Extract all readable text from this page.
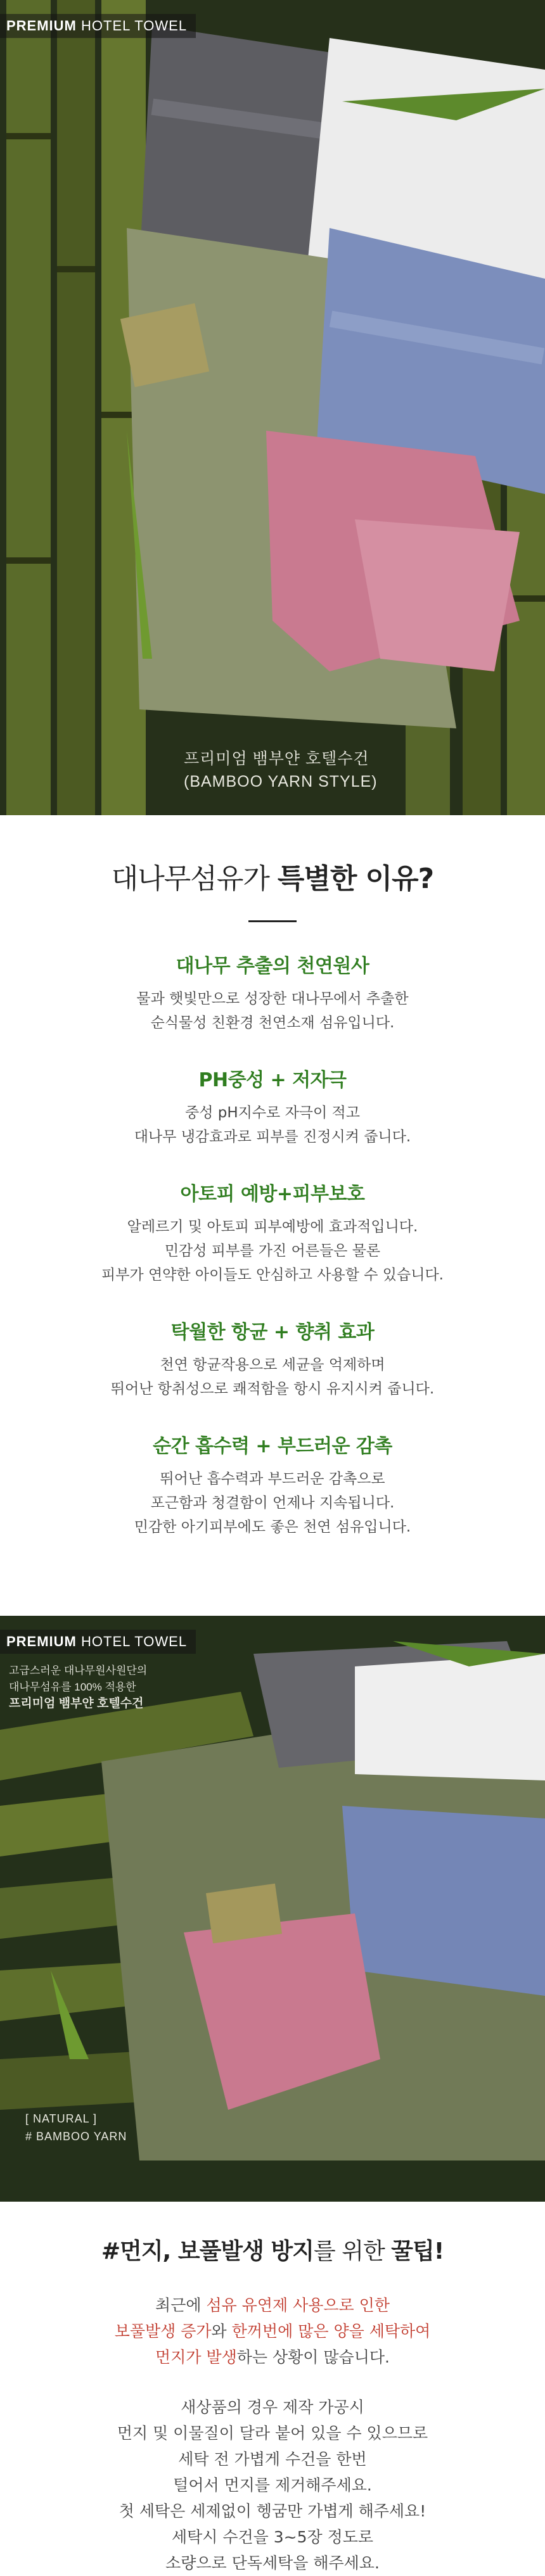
PREMIUM HOTEL TOWEL
프리미엄 뱀부얀 호텔수건
(BAMBOO YARN STYLE)
대나무섬유가 특별한 이유?
대나무 추출의 천연원사

물과 햇빛만으로 성장한 대나무에서 추출한

순식물성 친환경 천연소재 섬유입니다.

PH중성 + 저자극

중성 pH지수로 자극이 적고

대나무 냉감효과로 피부를 진정시켜 줍니다.

아토피 예방+피부보호

알레르기 및 아토피 피부예방에 효과적입니다.

민감성 피부를 가진 어른들은 물론

피부가 연약한 아이들도 안심하고 사용할 수 있습니다.

탁월한 항균 + 향취 효과

천연 항균작용으로 세균을 억제하며

뛰어난 항취성으로 쾌적함을 항시 유지시켜 줍니다.

순간 흡수력 + 부드러운 감촉

뛰어난 흡수력과 부드러운 감촉으로

포근함과 청결함이 언제나 지속됩니다.

민감한 아기피부에도 좋은 천연 섬유입니다.

PREMIUM HOTEL TOWEL
고급스러운 대나무원사원단의
대나무섬유를 100% 적용한
프리미엄 뱀부얀 호텔수건
[ NATURAL ]
# BAMBOO YARN
#먼지, 보풀발생 방지를 위한 꿀팁!

최근에 섬유 유연제 사용으로 인한

보풀발생 증가와 한꺼번에 많은 양을 세탁하여

먼지가 발생하는 상황이 많습니다.

새상품의 경우 제작 가공시

먼지 및 이물질이 달라 붙어 있을 수 있으므로

세탁 전 가볍게 수건을 한번

털어서 먼지를 제거해주세요.

첫 세탁은 세제없이 헹굼만 가볍게 해주세요!

세탁시 수건을 3~5장 정도로

소량으로 단독세탁을 해주세요.
